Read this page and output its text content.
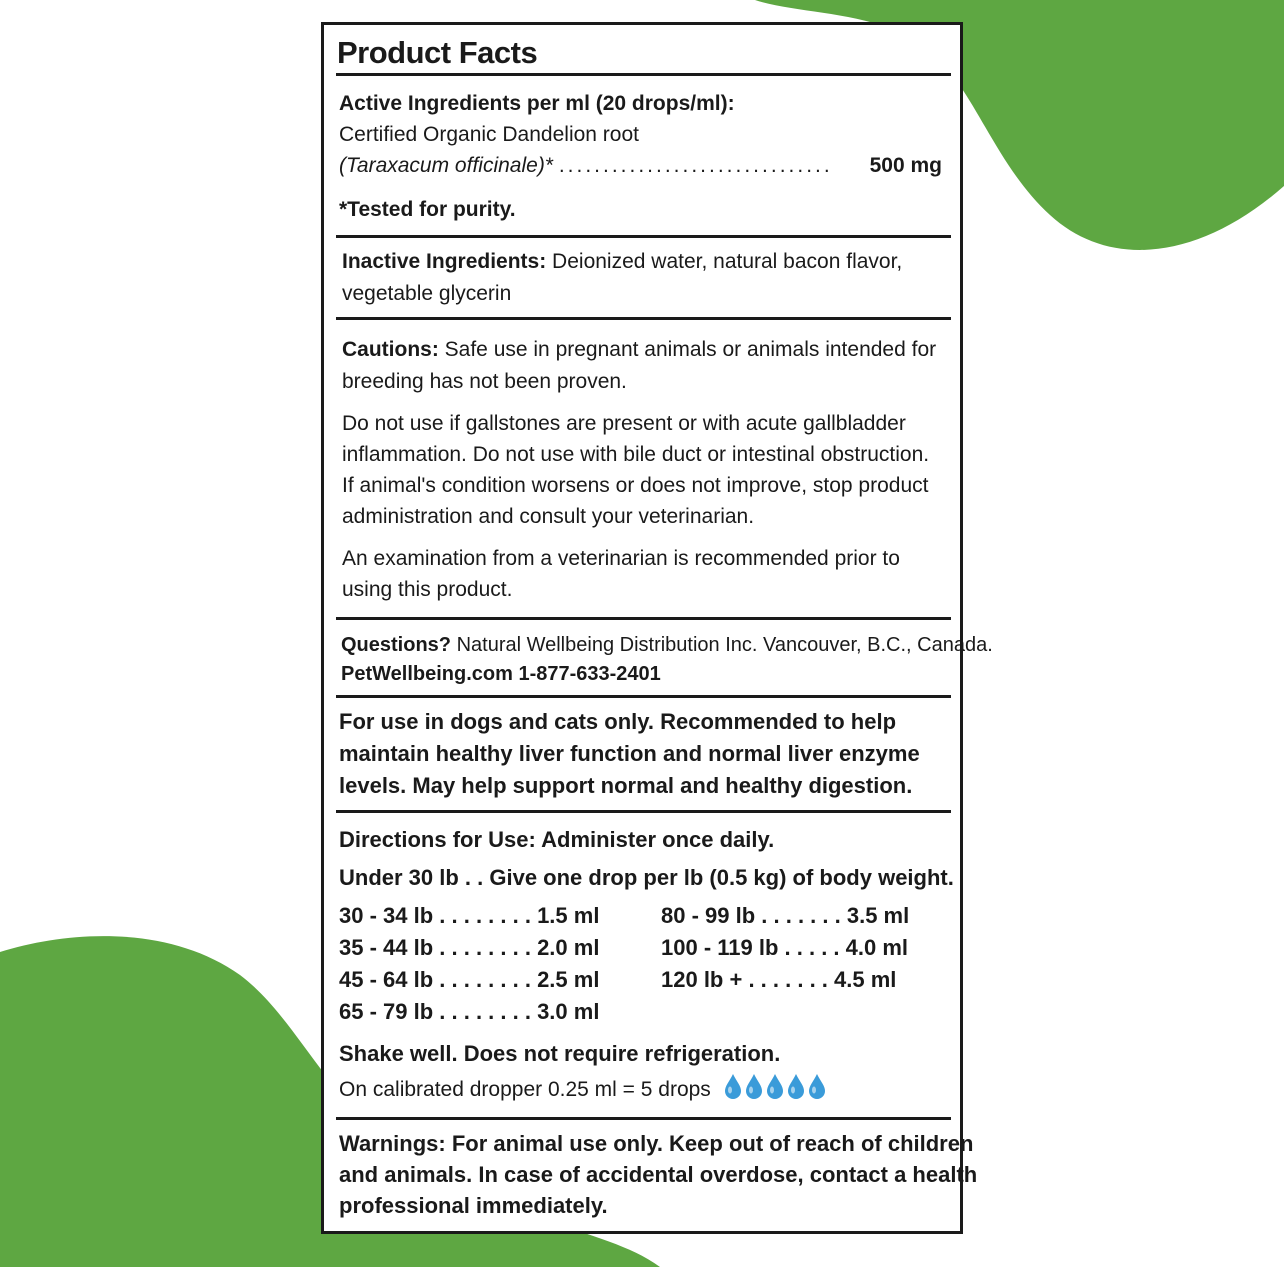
Product Facts
Active Ingredients per ml (20 drops/ml):
Certified Organic Dandelion root
(Taraxacum officinale)* ...............................	500 mg
*Tested for purity.
Inactive Ingredients: Deionized water, natural bacon flavor,
vegetable glycerin
Cautions: Safe use in pregnant animals or animals intended for
breeding has not been proven.
Do not use if gallstones are present or with acute gallbladder
inflammation. Do not use with bile duct or intestinal obstruction.
If animal's condition worsens or does not improve, stop product
administration and consult your veterinarian.
An examination from a veterinarian is recommended prior to
using this product.
Questions? Natural Wellbeing Distribution Inc. Vancouver, B.C., Canada.
PetWellbeing.com 1-877-633-2401
For use in dogs and cats only. Recommended to help
maintain healthy liver function and normal liver enzyme
levels. May help support normal and healthy digestion.
Directions for Use: Administer once daily.
Under 30 lb . . Give one drop per lb (0.5 kg) of body weight.
30 - 34 lb . . . . . . . . 1.5 ml
35 - 44 lb . . . . . . . . 2.0 ml
45 - 64 lb . . . . . . . . 2.5 ml
65 - 79 lb . . . . . . . . 3.0 ml
80 - 99 lb . . . . . . . 3.5 ml
100 - 119 lb . . . . . 4.0 ml
120 lb + . . . . . . . 4.5 ml
Shake well. Does not require refrigeration.
On calibrated dropper 0.25 ml = 5 drops
Warnings: For animal use only. Keep out of reach of children
and animals. In case of accidental overdose, contact a health
professional immediately.
